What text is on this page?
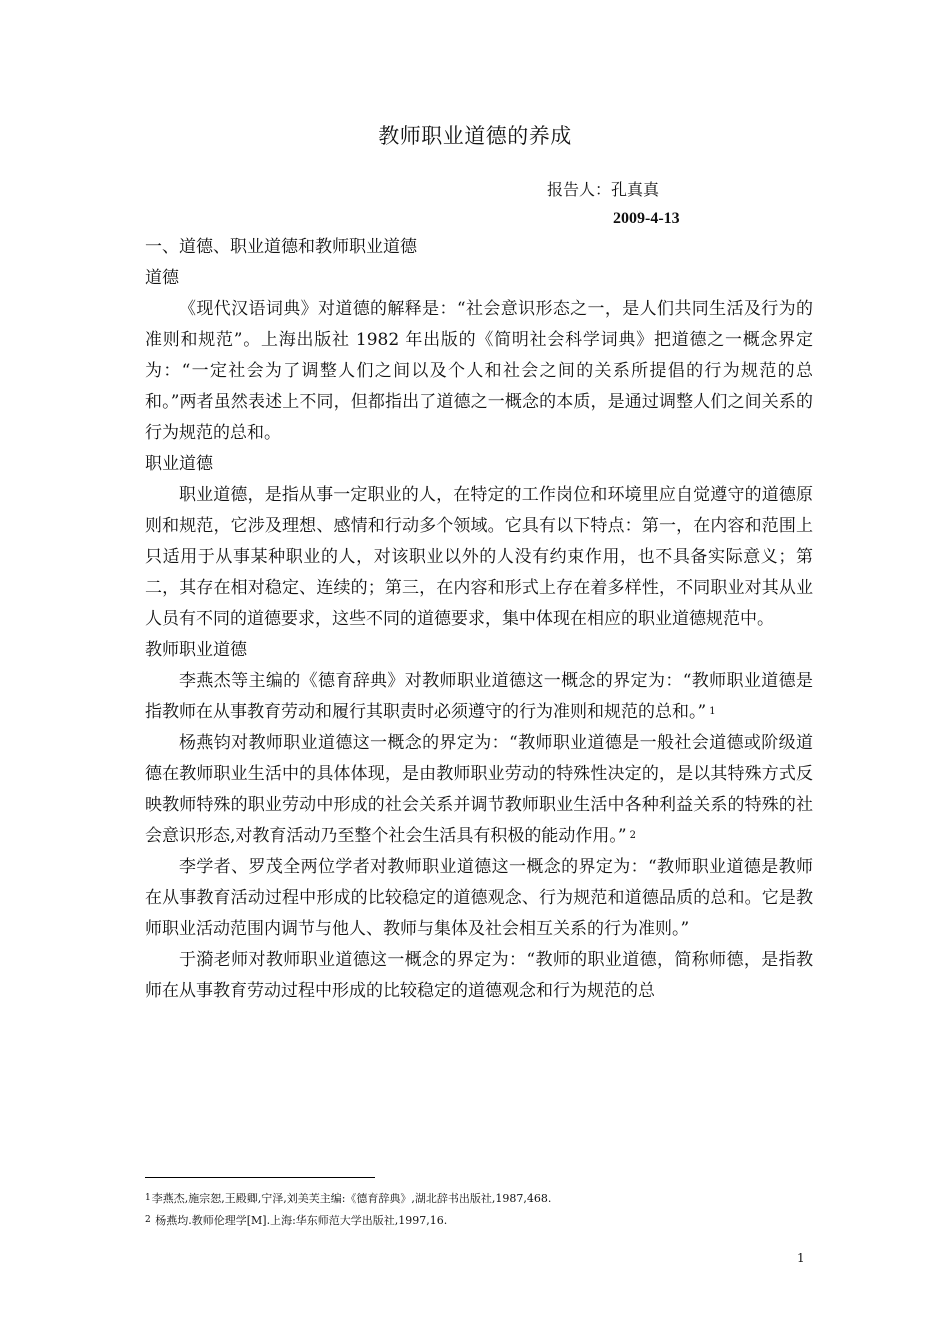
教师职业道德的养成
报告人：孔真真
2009-4-13

一、道德、职业道德和教师职业道德

道德

《现代汉语词典》对道德的解释是：“社会意识形态之一，是人们共同生活及行为的准则和规范”。上海出版社 1982 年出版的《简明社会科学词典》把道德之一概念界定为：“一定社会为了调整人们之间以及个人和社会之间的关系所提倡的行为规范的总和。”两者虽然表述上不同，但都指出了道德之一概念的本质，是通过调整人们之间关系的行为规范的总和。

职业道德

职业道德，是指从事一定职业的人，在特定的工作岗位和环境里应自觉遵守的道德原则和规范，它涉及理想、感情和行动多个领域。它具有以下特点：第一，在内容和范围上只适用于从事某种职业的人，对该职业以外的人没有约束作用，也不具备实际意义；第二，其存在相对稳定、连续的；第三，在内容和形式上存在着多样性，不同职业对其从业人员有不同的道德要求，这些不同的道德要求，集中体现在相应的职业道德规范中。

教师职业道德

李燕杰等主编的《德育辞典》对教师职业道德这一概念的界定为：“教师职业道德是指教师在从事教育劳动和履行其职责时必须遵守的行为准则和规范的总和。” $^1$

杨燕钧对教师职业道德这一概念的界定为：“教师职业道德是一般社会道德或阶级道德在教师职业生活中的具体体现，是由教师职业劳动的特殊性决定的，是以其特殊方式反映教师特殊的职业劳动中形成的社会关系并调节教师职业生活中各种利益关系的特殊的社会意识形态,对教育活动乃至整个社会生活具有积极的能动作用。” $^2$

李学者、罗茂全两位学者对教师职业道德这一概念的界定为：“教师职业道德是教师在从事教育活动过程中形成的比较稳定的道德观念、行为规范和道德品质的总和。它是教师职业活动范围内调节与他人、教师与集体及社会相互关系的行为准则。”

于漪老师对教师职业道德这一概念的界定为：“教师的职业道德，简称师德，是指教师在从事教育劳动过程中形成的比较稳定的道德观念和行为规范的总

$^1$李燕杰,施宗恕,王殿卿,宁泽,刘美芙主编:《德育辞典》,湖北辞书出版社,1987,468.
$^2$ 杨燕均.教师伦理学[M].上海:华东师范大学出版社,1997,16.
1
